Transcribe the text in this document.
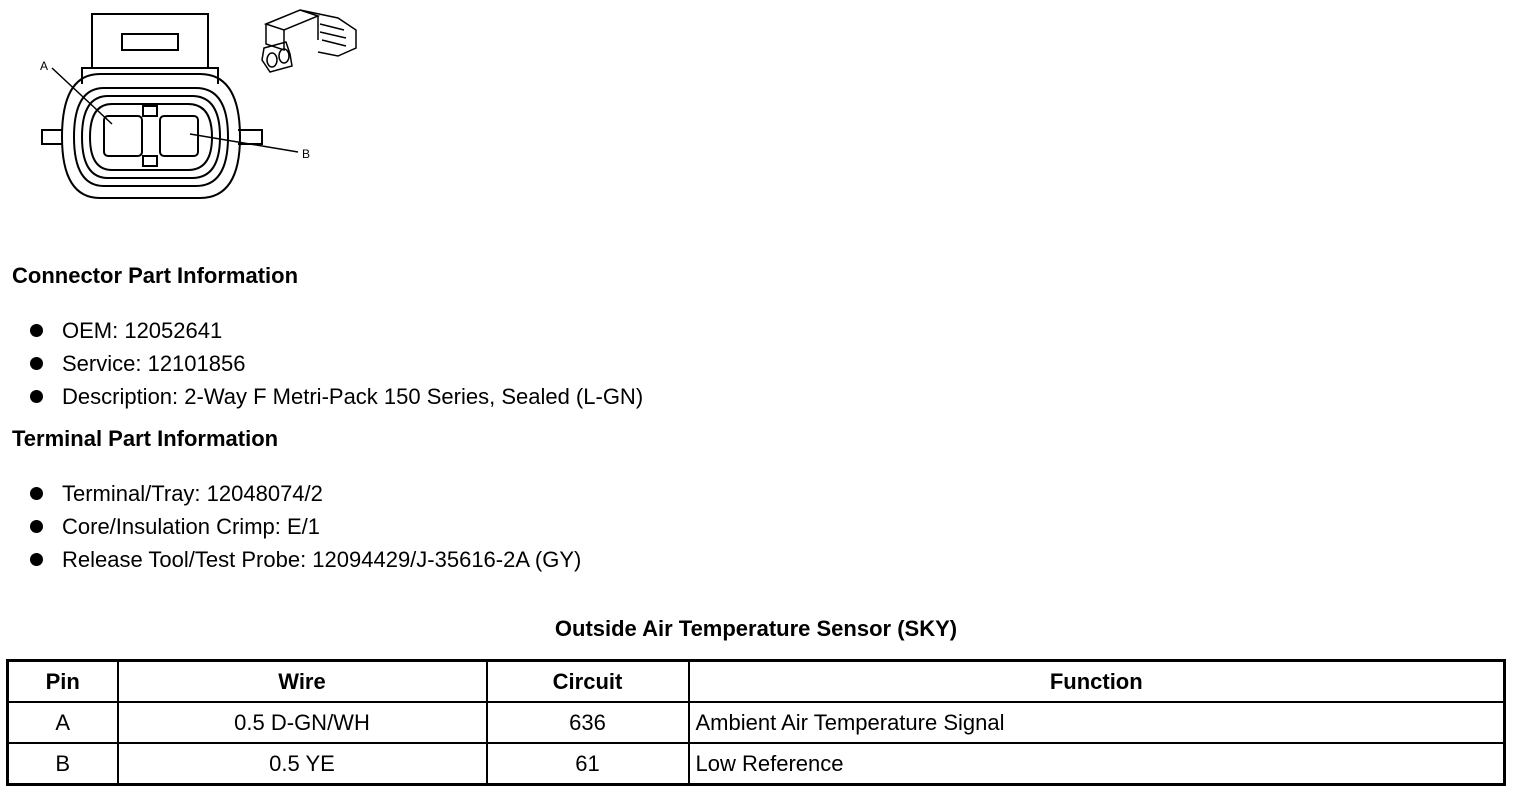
A
B
Connector Part Information
OEM: 12052641
Service: 12101856
Description: 2-Way F Metri-Pack 150 Series, Sealed (L-GN)
Terminal Part Information
Terminal/Tray: 12048074/2
Core/Insulation Crimp: E/1
Release Tool/Test Probe: 12094429/J-35616-2A (GY)
Outside Air Temperature Sensor (SKY)
Pin	Wire	Circuit	Function
A	0.5 D-GN/WH	636	Ambient Air Temperature Signal
B	0.5 YE	61	Low Reference
